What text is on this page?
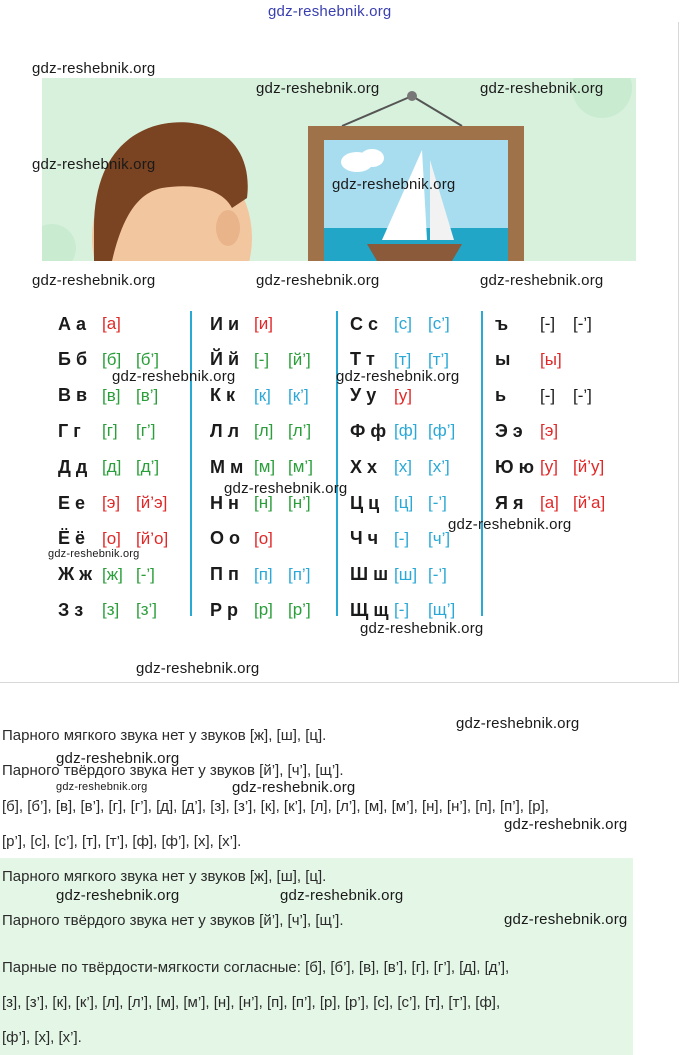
gdz-reshebnik.org
А а [а]
Б б [б] [б’]
В в [в] [в’]
Г г [г] [г’]
Д д [д] [д’]
Е е [э] [й’э]
Ё ё [о] [й’о]
Ж ж [ж] [-’]
З з [з] [з’]
И и [и]
Й й [-] [й’]
К к [к] [к’]
Л л [л] [л’]
М м [м] [м’]
Н н [н] [н’]
О о [о]
П п [п] [п’]
Р р [р] [р’]
С с [с] [с’]
Т т [т] [т’]
У у [у]
Ф ф [ф] [ф’]
Х х [х] [х’]
Ц ц [ц] [-’]
Ч ч [-] [ч’]
Ш ш [ш] [-’]
Щ щ [-] [щ’]
ъ [-] [-’]
ы [ы]
ь [-] [-’]
Э э [э]
Ю ю [у] [й’у]
Я я [а] [й’а]
gdz-reshebnik.org
gdz-reshebnik.org	gdz-reshebnik.org
gdz-reshebnik.org
gdz-reshebnik.org
gdz-reshebnik.org	gdz-reshebnik.org	gdz-reshebnik.org
gdz-reshebnik.org	gdz-reshebnik.org
gdz-reshebnik.org
gdz-reshebnik.org
gdz-reshebnik.org
gdz-reshebnik.org
gdz-reshebnik.org
Парного мягкого звука нет у звуков [ж], [ш], [ц].
Парного твёрдого звука нет у звуков [й’], [ч’], [щ’].
[б], [б’], [в], [в’], [г], [г’], [д], [д’], [з], [з’], [к], [к’], [л], [л’], [м], [м’], [н], [н’], [п], [п’], [р],
[р’], [с], [с’], [т], [т’], [ф], [ф’], [х], [х’].
Парного мягкого звука нет у звуков [ж], [ш], [ц].
Парного твёрдого звука нет у звуков [й’], [ч’], [щ’].
Парные по твёрдости-мягкости согласные: [б], [б’], [в], [в’], [г], [г’], [д], [д’],
[з], [з’], [к], [к’], [л], [л’], [м], [м’], [н], [н’], [п], [п’], [р], [р’], [с], [с’], [т], [т’], [ф],
[ф’], [х], [х’].
gdz-reshebnik.org
gdz-reshebnik.org
gdz-reshebnik.org	gdz-reshebnik.org
gdz-reshebnik.org
gdz-reshebnik.org	gdz-reshebnik.org
gdz-reshebnik.org
